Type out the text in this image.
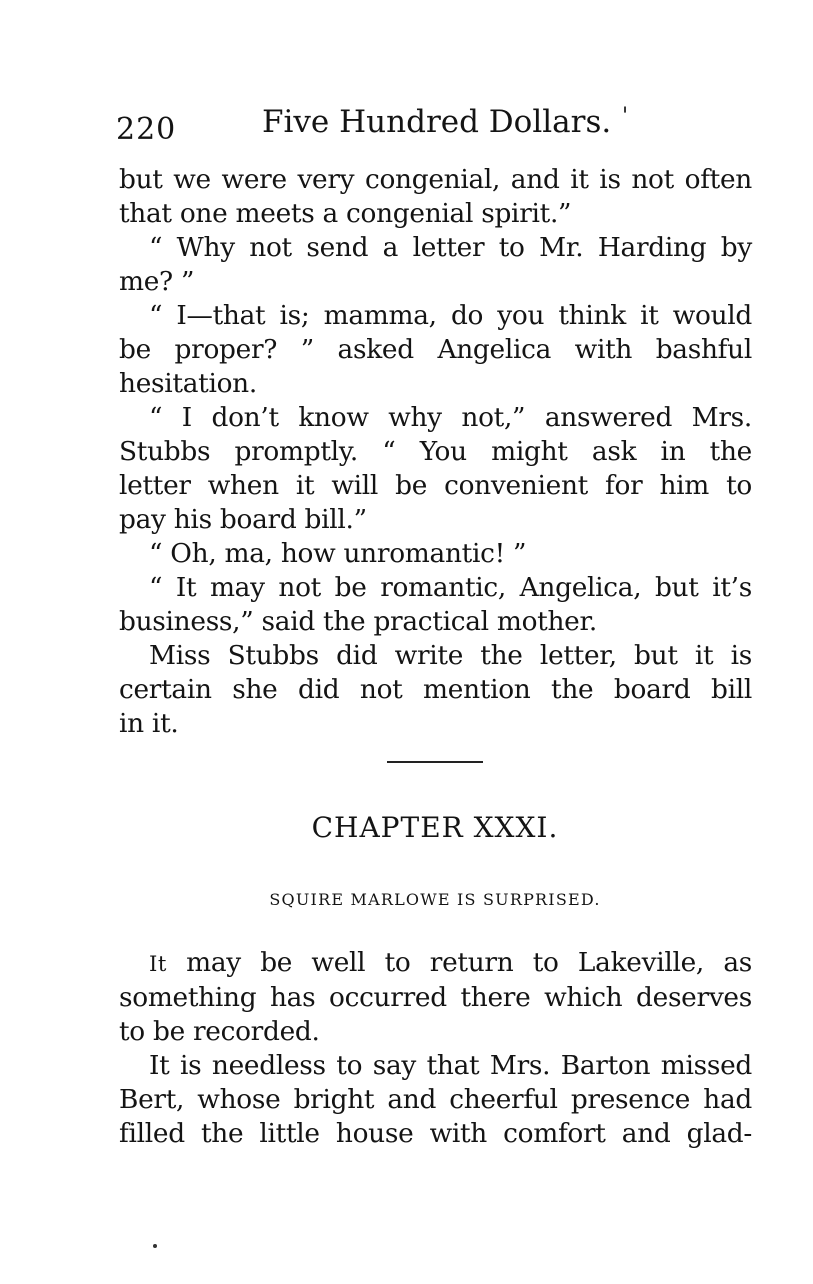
220	Five Hundred Dollars. '

but we were very congenial, and it is not often

that one meets a congenial spirit.”

“ Why not send a letter to Mr. Harding by

me? ”

“ I—that is; mamma, do you think it would

be proper? ” asked Angelica with bashful

hesitation.

“ I don’t know why not,” answered Mrs.

Stubbs promptly. “ You might ask in the

letter when it will be convenient for him to

pay his board bill.”

“ Oh, ma, how unromantic! ”

“ It may not be romantic, Angelica, but it’s

business,” said the practical mother.

Miss Stubbs did write the letter, but it is

certain she did not mention the board bill

in it.

CHAPTER XXXI.
SQUIRE MARLOWE IS SURPRISED.

It may be well to return to Lakeville, as

something has occurred there which deserves

to be recorded.

It is needless to say that Mrs. Barton missed

Bert, whose bright and cheerful presence had

filled the little house with comfort and glad-
